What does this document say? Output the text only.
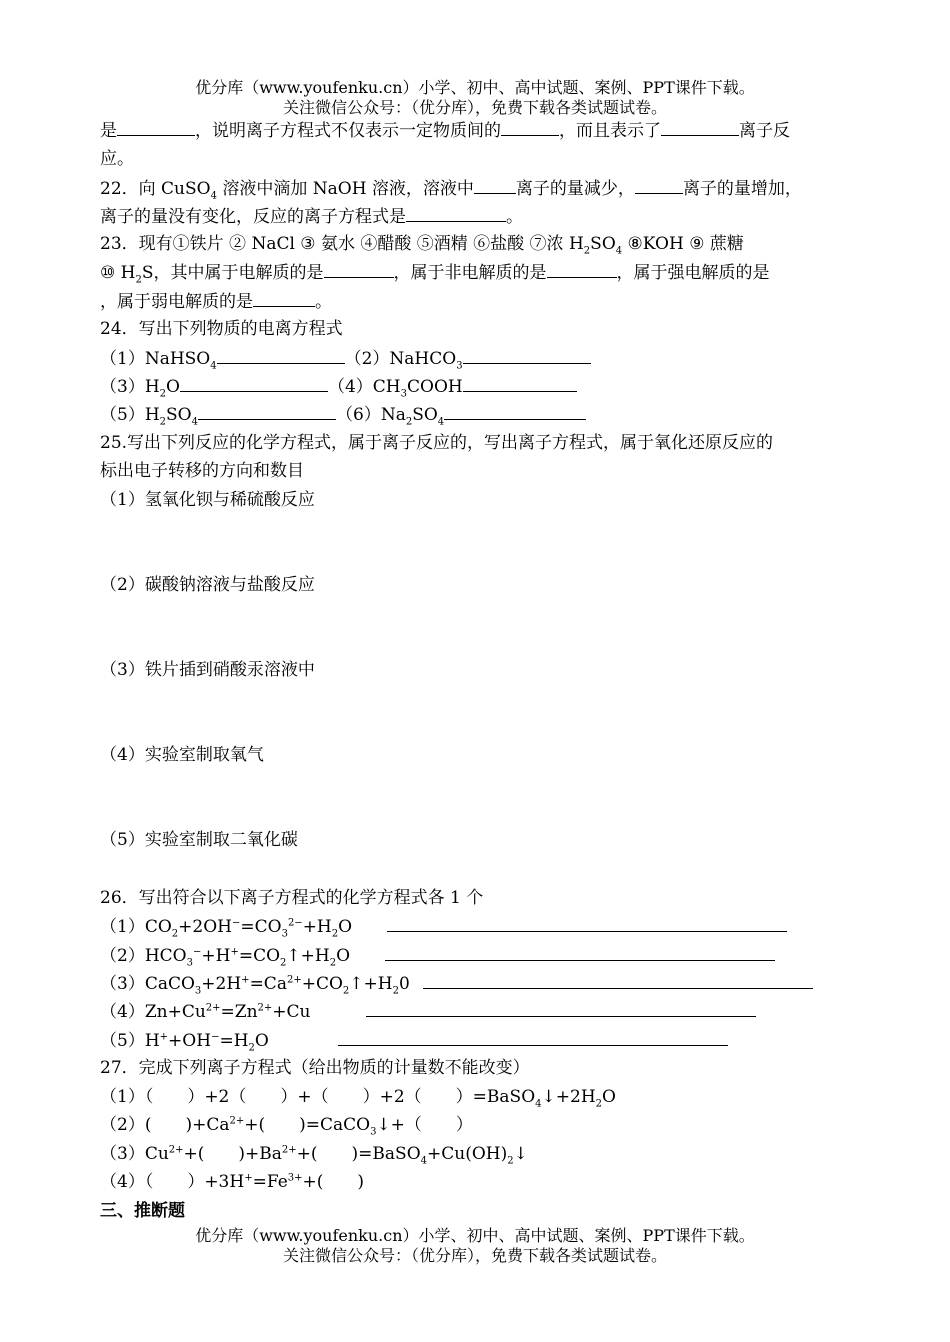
优分库（www.youfenku.cn）小学、初中、高中试题、案例、PPT课件下载。
关注微信公众号：（优分库），免费下载各类试题试卷。
是	，说明离子方程式不仅表示一定物质间的	，而且表示了	离子反
应。
22．向 CuSO$_4$ 溶液中滴加 NaOH 溶液，溶液中 离子的量减少，	离子的量增加，
离子的量没有变化，反应的离子方程式是	。
23．现有①铁片 ② NaCl ③ 氨水 ④醋酸 ⑤酒精 ⑥盐酸 ⑦浓 $H_2SO_4$ ⑧KOH ⑨ 蔗糖
⑩ $H_2S$，其中属于电解质的是	，属于非电解质的是	，属于强电解质的是
，属于弱电解质的是	。
24．写出下列物质的电离方程式
（1）NaHSO$_4$	（2）NaHCO$_3$
$(3)H_2O$	$(4)CH_3COOH$
$(5)H_2SO_4$	$(6)Na_2SO_4$
25.写出下列反应的化学方程式，属于离子反应的，写出离子方程式，属于氧化还原反应的
标出电子转移的方向和数目
（1）氢氧化钡与稀硫酸反应
（2）碳酸钠溶液与盐酸反应
（3）铁片插到硝酸汞溶液中
（4）实验室制取氧气
（5）实验室制取二氧化碳
26．写出符合以下离子方程式的化学方程式各 1 个
$(1)CO_2+2OH^-=CO_3^{2-}+H_2O$
$(2)HCO_3^-+H^+=CO_2↑+H_2O$
$(3)CaCO_3+2H^+=Ca^{2+}+CO_2↑+H_20$
$(4)Zn+Cu^{2+}=Zn^{2+}+Cu$
$(5)H^++OH^-=H_2O$
27．完成下列离子方程式（给出物质的计量数不能改变）
（1）（　　）+2（　　）+（　　）+2（　　）$=BaSO_4↓+2H_2O$
（2）(　　)$+Ca^{2+}+$(　　)=CaCO$_3$↓+（　　）
$(3)Cu^{2+}+$(　　)$+Ba^{2+}+$(　　)$=BaSO_4+Cu(OH)_2↓$
（4）（　　）$+3H^+=Fe^{3+}+$(　　)
三、推断题
优分库（www.youfenku.cn）小学、初中、高中试题、案例、PPT课件下载。
关注微信公众号：（优分库），免费下载各类试题试卷。
